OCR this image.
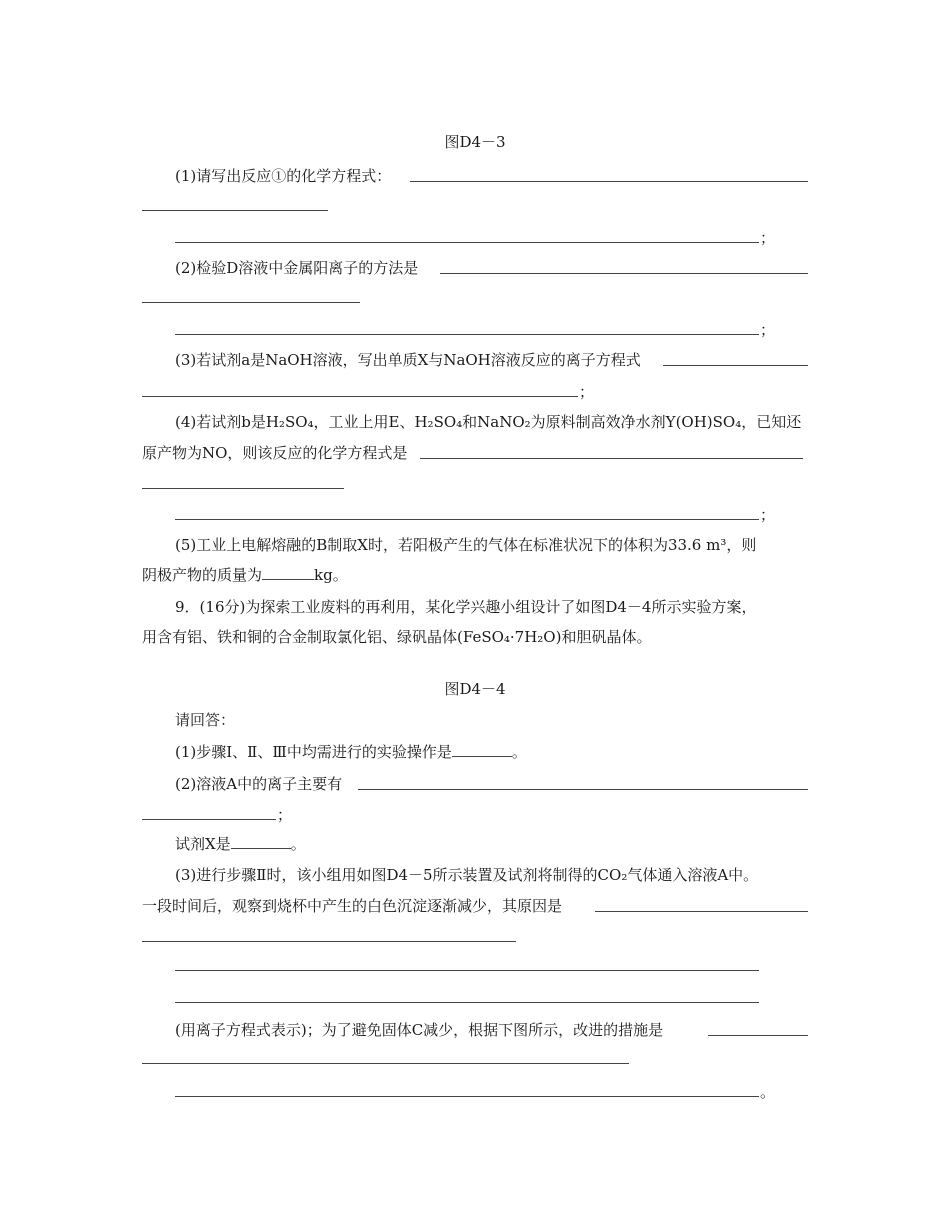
图D4－3
(1)请写出反应①的化学方程式：
；
(2)检验D溶液中金属阳离子的方法是
；
(3)若试剂a是NaOH溶液，写出单质X与NaOH溶液反应的离子方程式
；
(4)若试剂b是H₂SO₄，工业上用E、H₂SO₄和NaNO₂为原料制高效净水剂Y(OH)SO₄，已知还
原产物为NO，则该反应的化学方程式是
；
(5)工业上电解熔融的B制取X时，若阳极产生的气体在标准状况下的体积为33.6 m³，则
阴极产物的质量为	kg。
9．(16分)为探索工业废料的再利用，某化学兴趣小组设计了如图D4－4所示实验方案，
用含有铝、铁和铜的合金制取氯化铝、绿矾晶体(FeSO₄·7H₂O)和胆矾晶体。
图D4－4
请回答：
(1)步骤Ⅰ、Ⅱ、Ⅲ中均需进行的实验操作是	。
(2)溶液A中的离子主要有
；
试剂X是	。
(3)进行步骤Ⅱ时，该小组用如图D4－5所示装置及试剂将制得的CO₂气体通入溶液A中。
一段时间后，观察到烧杯中产生的白色沉淀逐渐减少，其原因是
(用离子方程式表示)；为了避免固体C减少，根据下图所示，改进的措施是
。
